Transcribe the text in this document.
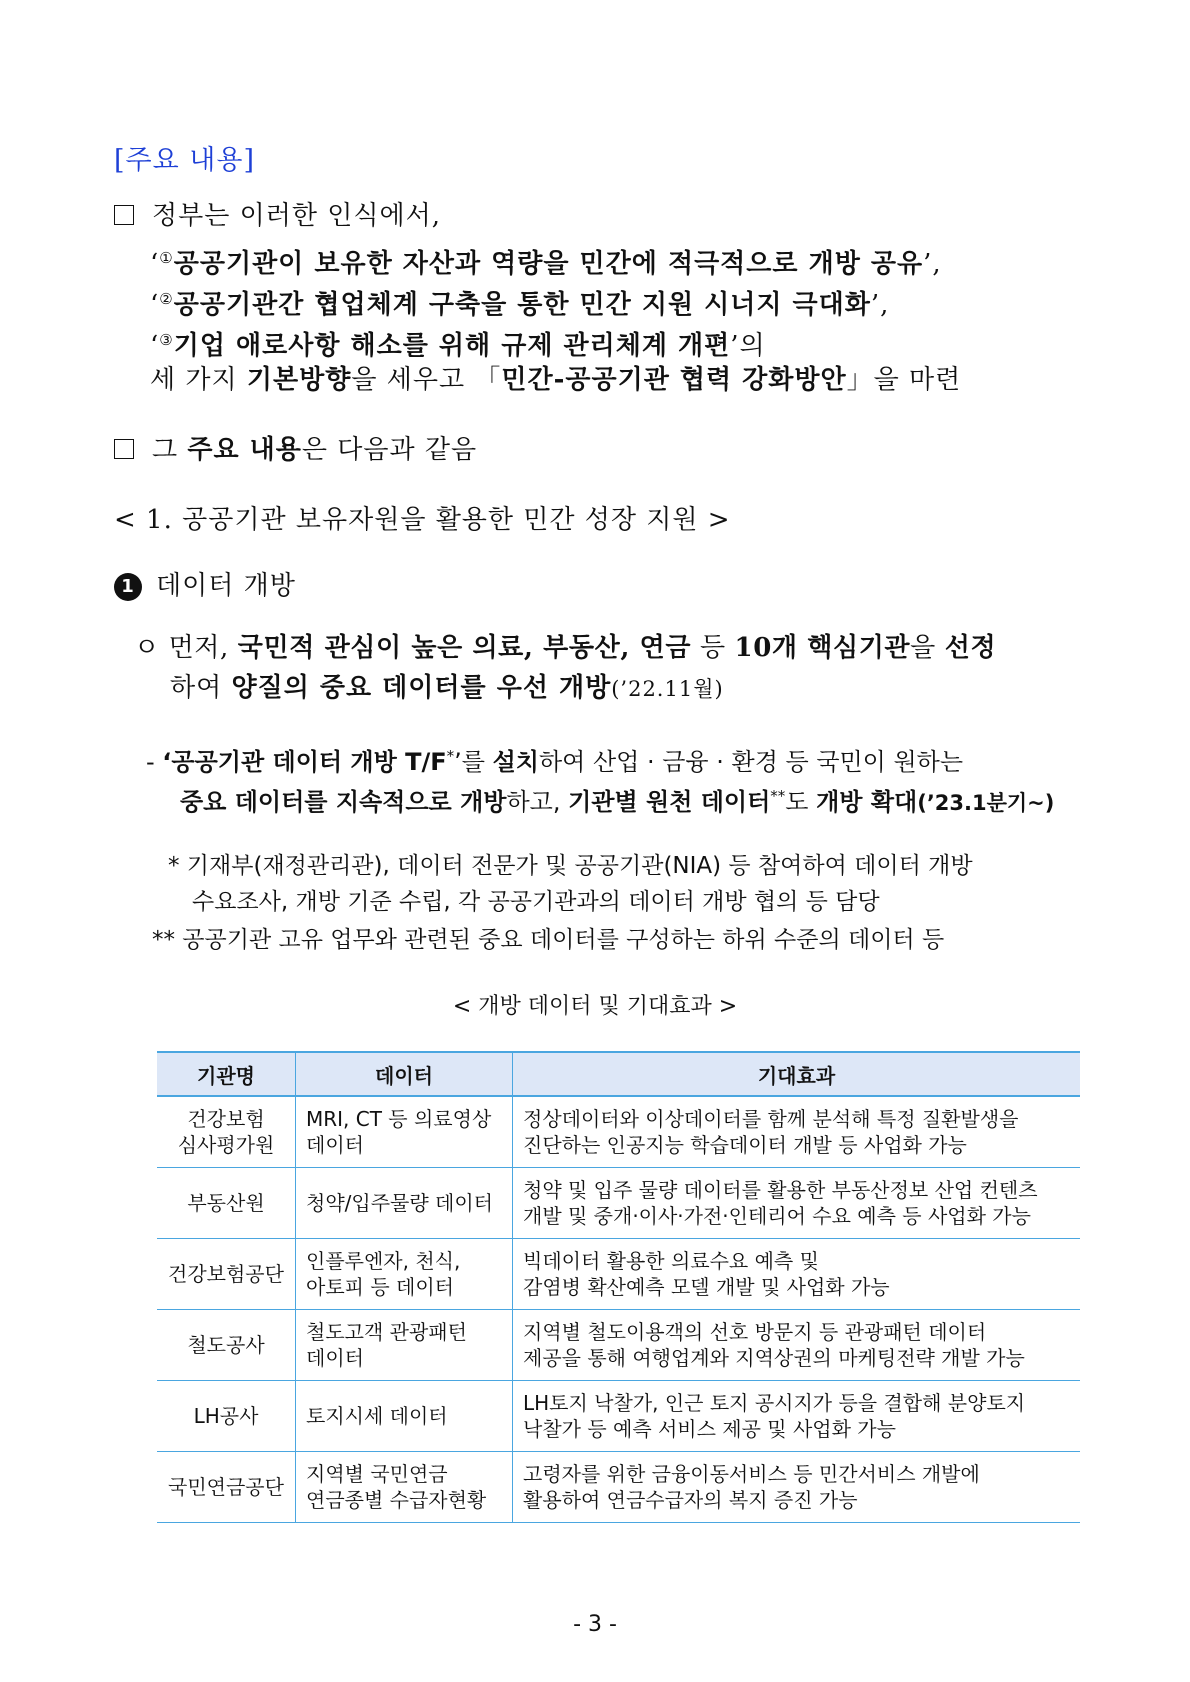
[주요 내용]
정부는 이러한 인식에서,
‘①공공기관이 보유한 자산과 역량을 민간에 적극적으로 개방 공유’,
‘②공공기관간 협업체계 구축을 통한 민간 지원 시너지 극대화’,
‘③기업 애로사항 해소를 위해 규제 관리체계 개편’의
세 가지 기본방향을 세우고 「민간-공공기관 협력 강화방안」을 마련
그 주요 내용은 다음과 같음
< 1. 공공기관 보유자원을 활용한 민간 성장 지원 >
1 데이터 개방
ㅇ 먼저, 국민적 관심이 높은 의료, 부동산, 연금 등 10개 핵심기관을 선정
하여 양질의 중요 데이터를 우선 개방(’22.11월)
- ‘공공기관 데이터 개방 T/F*’를 설치하여 산업 · 금융 · 환경 등 국민이 원하는
중요 데이터를 지속적으로 개방하고, 기관별 원천 데이터**도 개방 확대(’23.1분기~)
* 기재부(재정관리관), 데이터 전문가 및 공공기관(NIA) 등 참여하여 데이터 개방
수요조사, 개방 기준 수립, 각 공공기관과의 데이터 개방 협의 등 담당
** 공공기관 고유 업무와 관련된 중요 데이터를 구성하는 하위 수준의 데이터 등
< 개방 데이터 및 기대효과 >
기관명	데이터	기대효과

건강보험
심사평가원	MRI, CT 등 의료영상
데이터	정상데이터와 이상데이터를 함께 분석해 특정 질환발생을
진단하는 인공지능 학습데이터 개발 등 사업화 가능

부동산원	청약/입주물량 데이터	청약 및 입주 물량 데이터를 활용한 부동산정보 산업 컨텐츠
개발 및 중개·이사·가전·인테리어 수요 예측 등 사업화 가능

건강보험공단	인플루엔자, 천식,
아토피 등 데이터	빅데이터 활용한 의료수요 예측 및
감염병 확산예측 모델 개발 및 사업화 가능

철도공사	철도고객 관광패턴
데이터	지역별 철도이용객의 선호 방문지 등 관광패턴 데이터
제공을 통해 여행업계와 지역상권의 마케팅전략 개발 가능

LH공사	토지시세 데이터	LH토지 낙찰가, 인근 토지 공시지가 등을 결합해 분양토지
낙찰가 등 예측 서비스 제공 및 사업화 가능

국민연금공단	지역별 국민연금
연금종별 수급자현황	고령자를 위한 금융이동서비스 등 민간서비스 개발에
활용하여 연금수급자의 복지 증진 가능
- 3 -
